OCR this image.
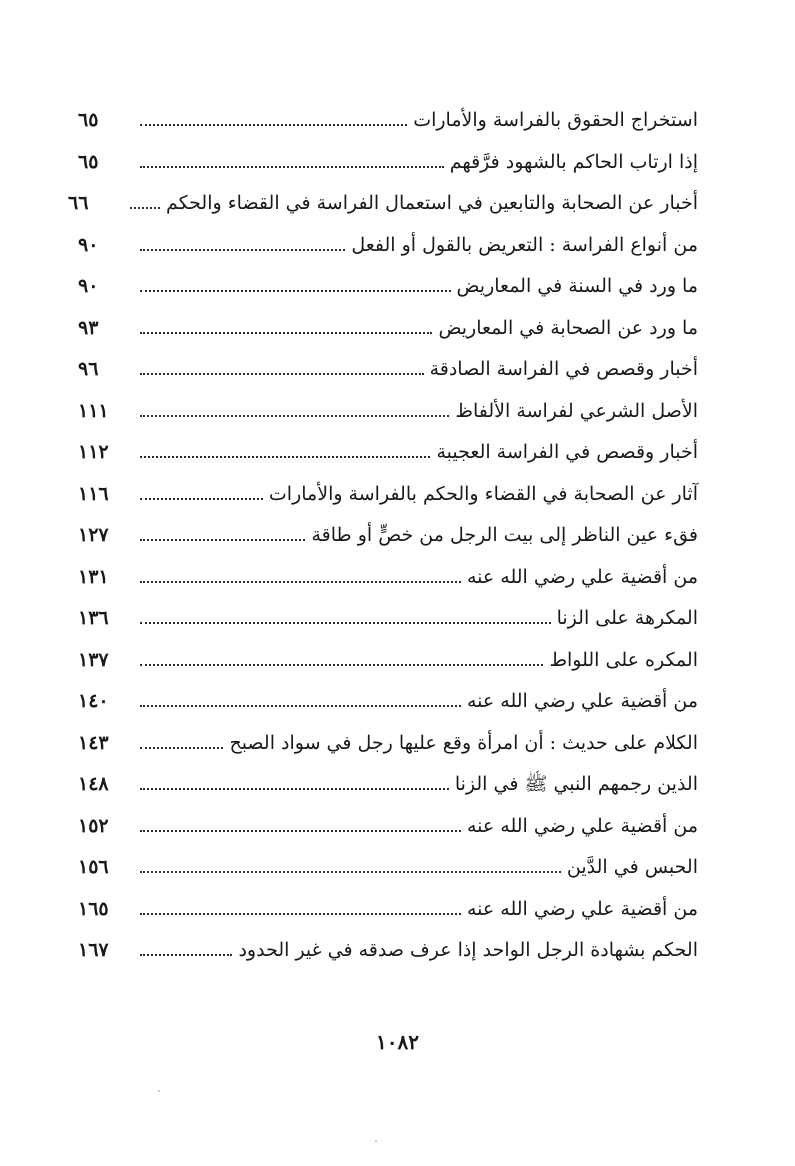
استخراج الحقوق بالفراسة والأمارات
٦٥
إذا ارتاب الحاكم بالشهود فرَّقهم
٦٥
أخبار عن الصحابة والتابعين في استعمال الفراسة في القضاء والحكم
٦٦
من أنواع الفراسة : التعريض بالقول أو الفعل
٩٠
ما ورد في السنة في المعاريض
٩٠
ما ورد عن الصحابة في المعاريض
٩٣
أخبار وقصص في الفراسة الصادقة
٩٦
الأصل الشرعي لفراسة الألفاظ
١١١
أخبار وقصص في الفراسة العجيبة
١١٢
آثار عن الصحابة في القضاء والحكم بالفراسة والأمارات
١١٦
فقء عين الناظر إلى بيت الرجل من خصٍّ أو طاقة
١٢٧
من أقضية علي رضي الله عنه
١٣١
المكرهة على الزنا
١٣٦
المكره على اللواط
١٣٧
من أقضية علي رضي الله عنه
١٤٠
الكلام على حديث : أن امرأة وقع عليها رجل في سواد الصبح
١٤٣
الذين رجمهم النبي ﷺ في الزنا
١٤٨
من أقضية علي رضي الله عنه
١٥٢
الحبس في الدَّين
١٥٦
من أقضية علي رضي الله عنه
١٦٥
الحكم بشهادة الرجل الواحد إذا عرف صدقه في غير الحدود
١٦٧
١٠٨٢
